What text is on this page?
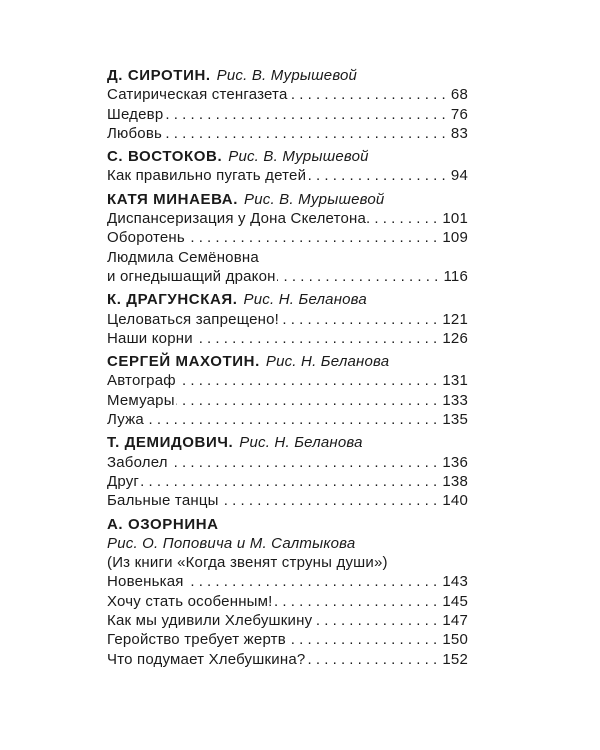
Д. СИРОТИН. Рис. В. Мурышевой
Сатирическая стенгазета .....	68
Шедевр .....	76
Любовь .....	83
С. ВОСТОКОВ. Рис. В. Мурышевой
Как правильно пугать детей .....	94
КАТЯ МИНАЕВА. Рис. В. Мурышевой
Диспансеризация у Дона Скелетона .....	101
Оборотень .....	109
Людмила Семёновна
и огнедышащий дракон .....	116
К. ДРАГУНСКАЯ. Рис. Н. Беланова
Целоваться запрещено! .....	121
Наши корни .....	126
СЕРГЕЙ МАХОТИН. Рис. Н. Беланова
Автограф .....	131
Мемуары .....	133
Лужа .....	135
Т. ДЕМИДОВИЧ. Рис. Н. Беланова
Заболел .....	136
Друг .....	138
Бальные танцы .....	140
А. ОЗОРНИНА
Рис. О. Поповича и М. Салтыкова
(Из книги «Когда звенят струны души»)
Новенькая .....	143
Хочу стать особенным! .....	145
Как мы удивили Хлебушкину .....	147
Геройство требует жертв .....	150
Что подумает Хлебушкина? .....	152
